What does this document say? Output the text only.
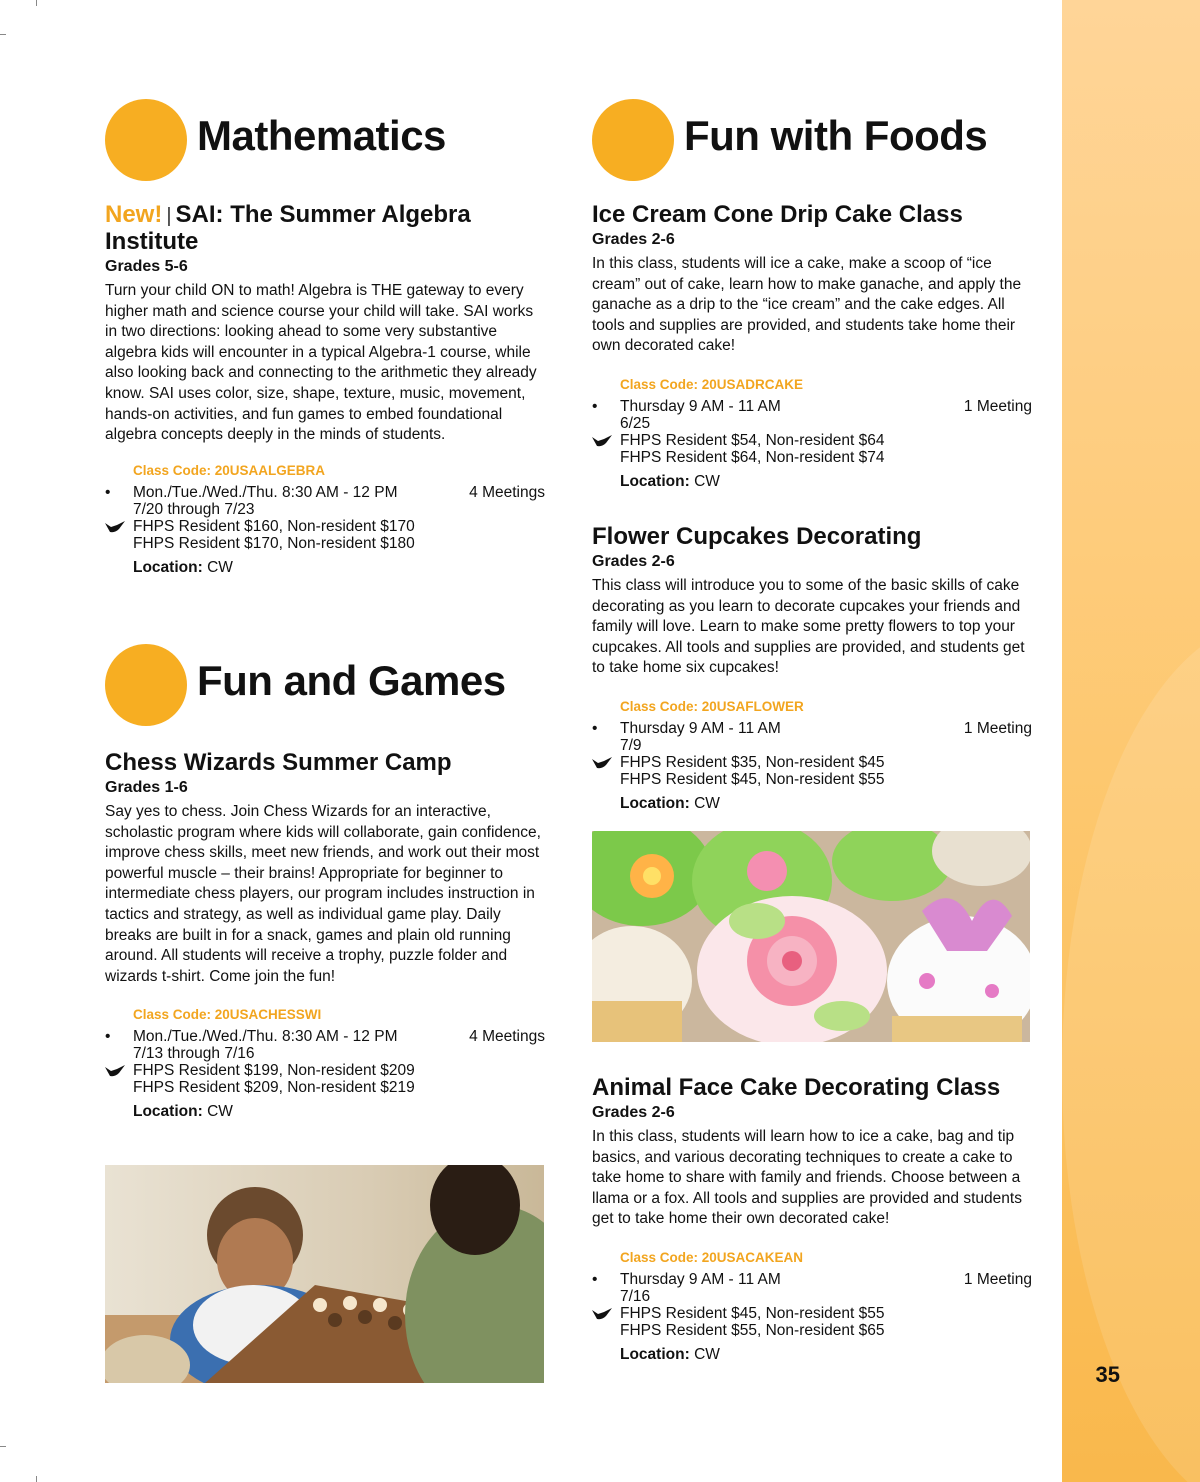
35
Mathematics
New! | SAI: The Summer Algebra Institute
Grades 5-6
Turn your child ON to math! Algebra is THE gateway to every higher math and science course your child will take. SAI works in two directions: looking ahead to some very substantive algebra kids will encounter in a typical Algebra-1 course, while also looking back and connecting to the arithmetic they already know. SAI uses color, size, shape, texture, music, movement, hands-on activities, and fun games to embed foundational algebra concepts deeply in the minds of students.
Class Code: 20USAALGEBRA
• Mon./Tue./Wed./Thu. 8:30 AM - 12 PM	4 Meetings
7/20 through 7/23
FHPS Resident $160, Non-resident $170
FHPS Resident $170, Non-resident $180
Location: CW
Fun and Games
Chess Wizards Summer Camp
Grades 1-6
Say yes to chess. Join Chess Wizards for an interactive, scholastic program where kids will collaborate, gain confidence, improve chess skills, meet new friends, and work out their most powerful muscle – their brains! Appropriate for beginner to intermediate chess players, our program includes instruction in tactics and strategy, as well as individual game play. Daily breaks are built in for a snack, games and plain old running around. All students will receive a trophy, puzzle folder and wizards t-shirt. Come join the fun!
Class Code: 20USACHESSWI
• Mon./Tue./Wed./Thu. 8:30 AM - 12 PM	4 Meetings
7/13 through 7/16
FHPS Resident $199, Non-resident $209
FHPS Resident $209, Non-resident $219
Location: CW
Fun with Foods
Ice Cream Cone Drip Cake Class
Grades 2-6
In this class, students will ice a cake, make a scoop of “ice cream” out of cake, learn how to make ganache, and apply the ganache as a drip to the “ice cream” and the cake edges. All tools and supplies are provided, and students take home their own decorated cake!
Class Code: 20USADRCAKE
• Thursday 9 AM - 11 AM	1 Meeting
6/25
FHPS Resident $54, Non-resident $64
FHPS Resident $64, Non-resident $74
Location: CW
Flower Cupcakes Decorating
Grades 2-6
This class will introduce you to some of the basic skills of cake decorating as you learn to decorate cupcakes your friends and family will love. Learn to make some pretty flowers to top your cupcakes. All tools and supplies are provided, and students get to take home six cupcakes!
Class Code: 20USAFLOWER
• Thursday 9 AM - 11 AM	1 Meeting
7/9
FHPS Resident $35, Non-resident $45
FHPS Resident $45, Non-resident $55
Location: CW
Animal Face Cake Decorating Class
Grades 2-6
In this class, students will learn how to ice a cake, bag and tip basics, and various decorating techniques to create a cake to take home to share with family and friends. Choose between a llama or a fox. All tools and supplies are provided and students get to take home their own decorated cake!
Class Code: 20USACAKEAN
• Thursday 9 AM - 11 AM	1 Meeting
7/16
FHPS Resident $45, Non-resident $55
FHPS Resident $55, Non-resident $65
Location: CW
